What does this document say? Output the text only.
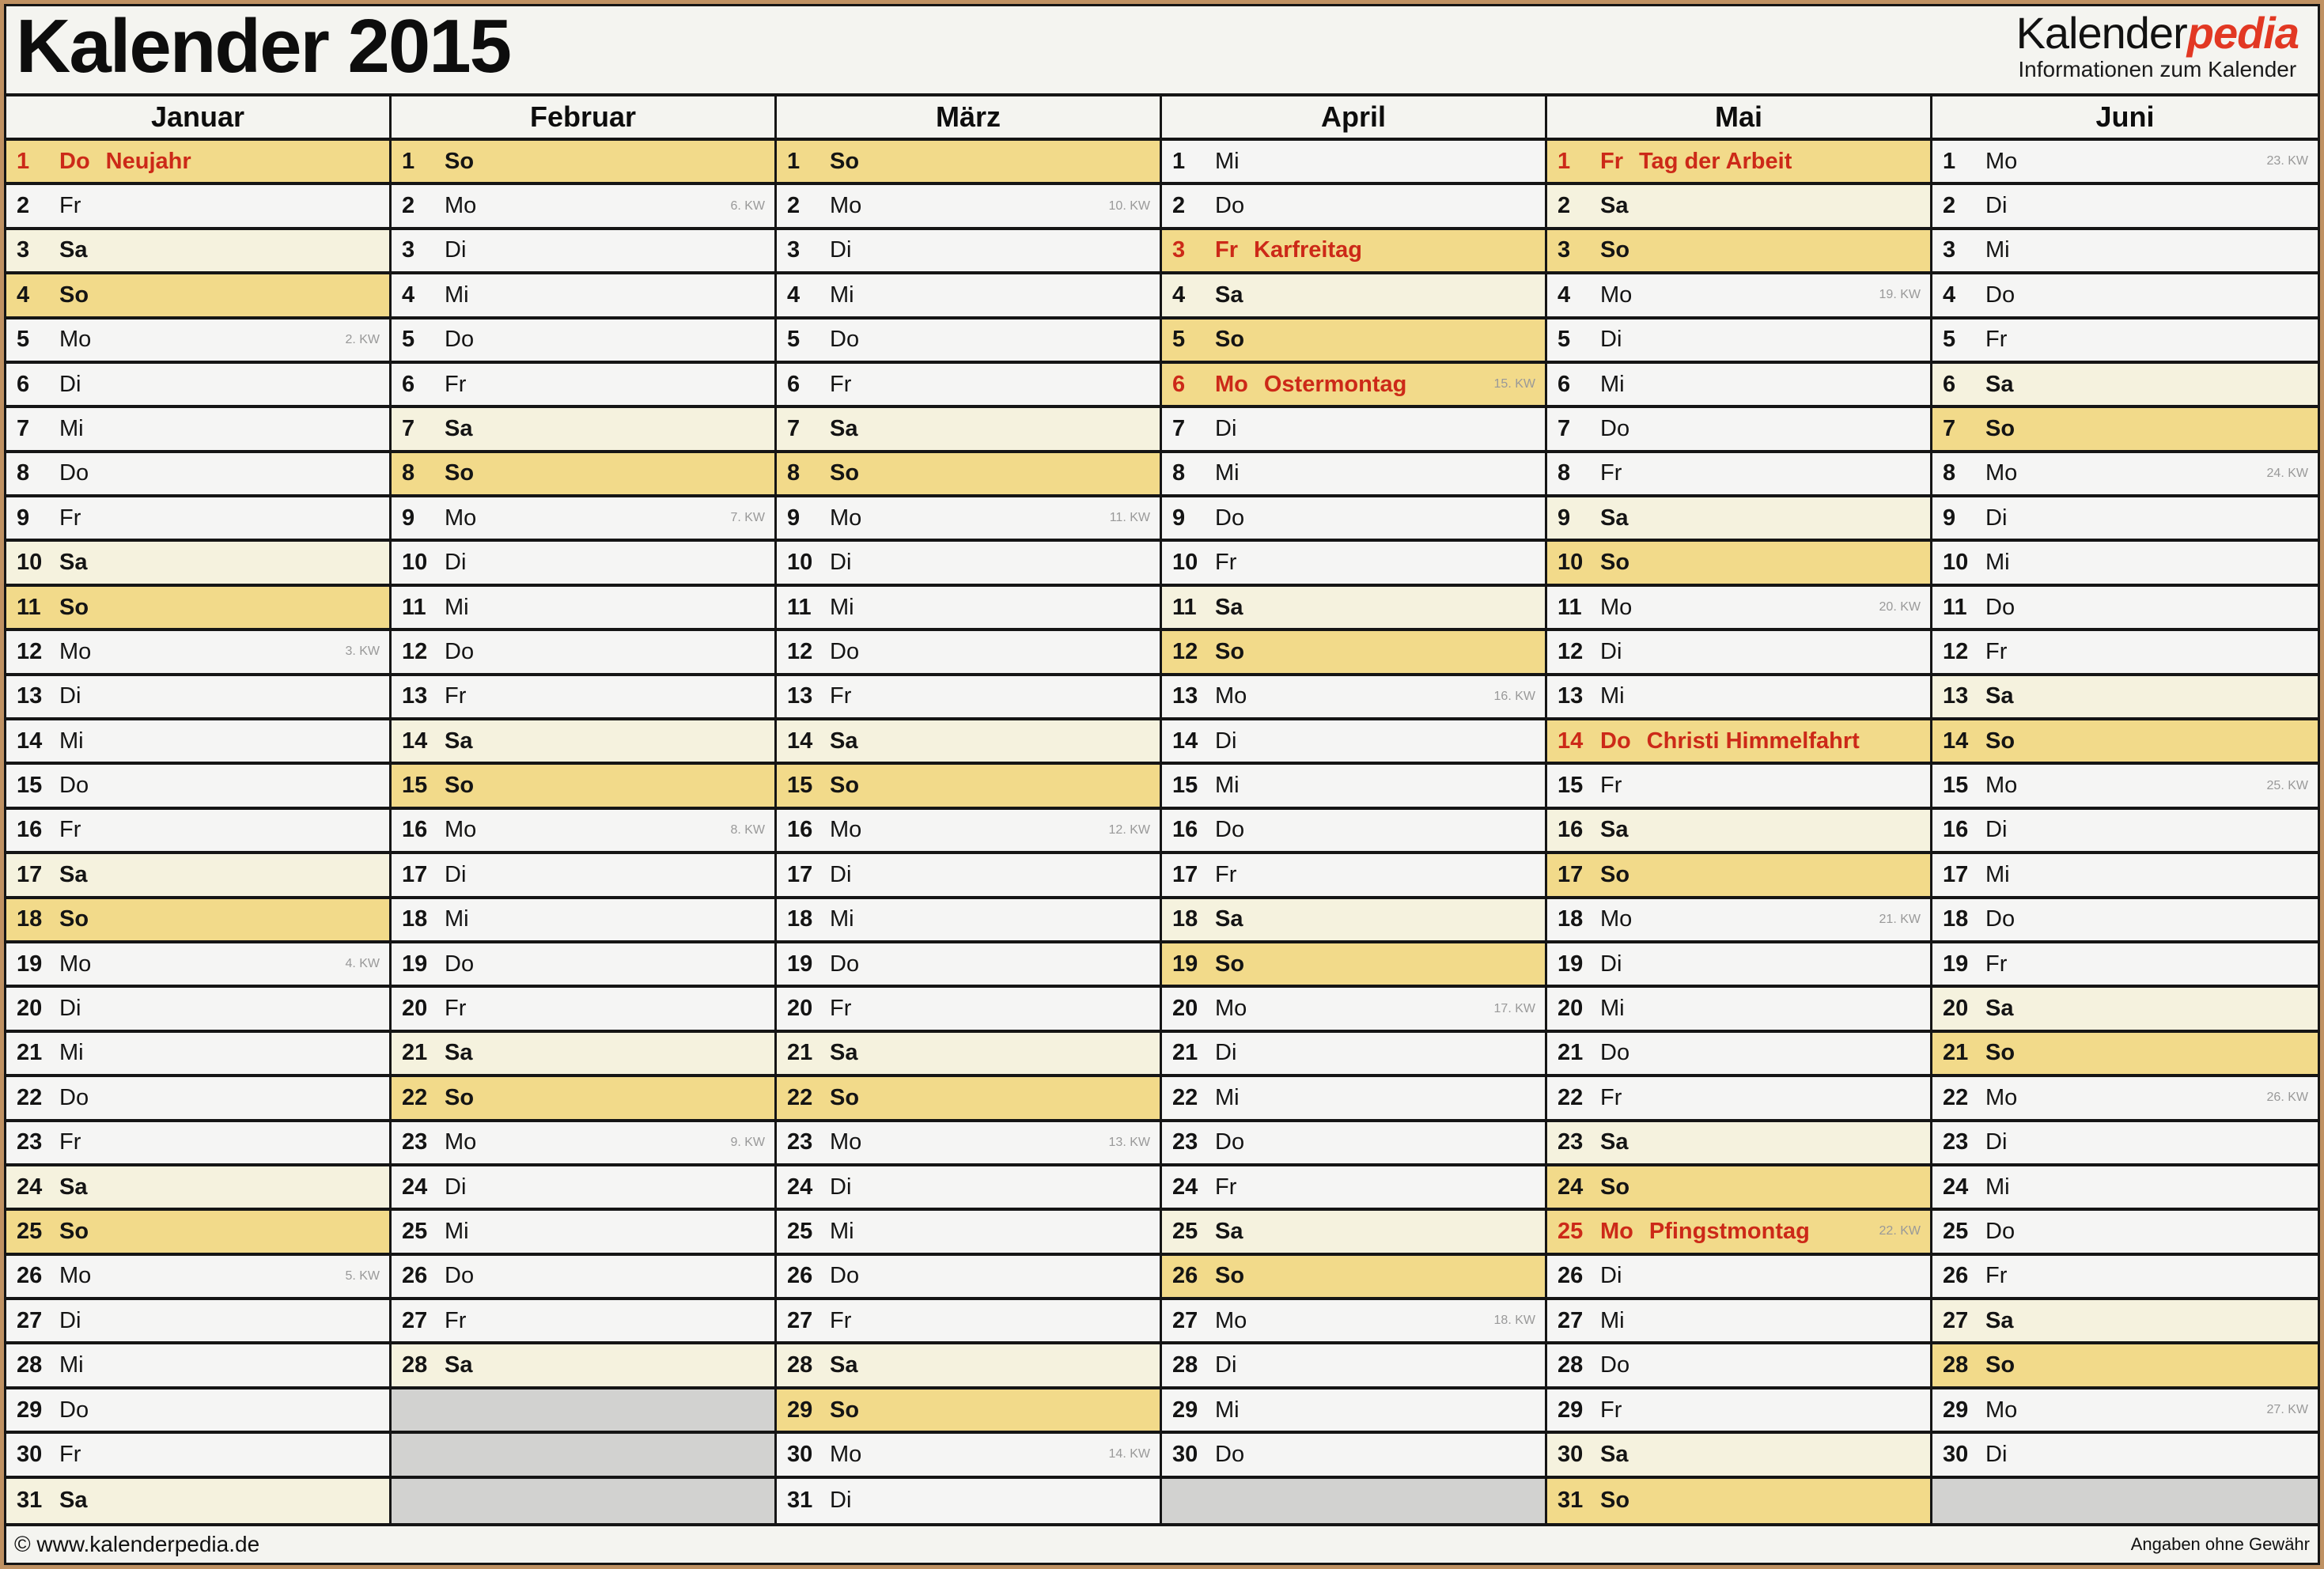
Kalender 2015	Kalenderpedia
Informationen zum Kalender
Januar
1	Do Neujahr
2	Fr
3	Sa
4	So
5	Mo	2. KW
6	Di
7	Mi
8	Do
9	Fr
10 Sa
11 So
12 Mo	3. KW
13 Di
14 Mi
15 Do
16 Fr
17 Sa
18 So
19 Mo	4. KW
20 Di
21 Mi
22 Do
23 Fr
24 Sa
25 So
26 Mo	5. KW
27 Di
28 Mi
29 Do
30 Fr
31 Sa
Februar
1	So
2	Mo	6. KW
3	Di
4	Mi
5	Do
6	Fr
7	Sa
8	So
9	Mo	7. KW
10 Di
11 Mi
12 Do
13 Fr
14 Sa
15 So
16 Mo	8. KW
17 Di
18 Mi
19 Do
20 Fr
21 Sa
22 So
23 Mo	9. KW
24 Di
25 Mi
26 Do
27 Fr
28 Sa
März
1	So
2	Mo	10. KW
3	Di
4	Mi
5	Do
6	Fr
7	Sa
8	So
9	Mo	11. KW
10 Di
11 Mi
12 Do
13 Fr
14 Sa
15 So
16 Mo	12. KW
17 Di
18 Mi
19 Do
20 Fr
21 Sa
22 So
23 Mo	13. KW
24 Di
25 Mi
26 Do
27 Fr
28 Sa
29 So
30 Mo	14. KW
31 Di
April
1	Mi
2	Do
3	Fr Karfreitag
4	Sa
5	So
6	Mo Ostermontag	15. KW
7	Di
8	Mi
9	Do
10 Fr
11 Sa
12 So
13 Mo	16. KW
14 Di
15 Mi
16 Do
17 Fr
18 Sa
19 So
20 Mo	17. KW
21 Di
22 Mi
23 Do
24 Fr
25 Sa
26 So
27 Mo	18. KW
28 Di
29 Mi
30 Do
Mai
1	Fr Tag der Arbeit
2	Sa
3	So
4	Mo	19. KW
5	Di
6	Mi
7	Do
8	Fr
9	Sa
10 So
11 Mo	20. KW
12 Di
13 Mi
14 Do Christi Himmelfahrt
15 Fr
16 Sa
17 So
18 Mo	21. KW
19 Di
20 Mi
21 Do
22 Fr
23 Sa
24 So
25 Mo Pfingstmontag	22. KW
26 Di
27 Mi
28 Do
29 Fr
30 Sa
31 So
Juni
1	Mo	23. KW
2	Di
3	Mi
4	Do
5	Fr
6	Sa
7	So
8	Mo	24. KW
9	Di
10 Mi
11 Do
12 Fr
13 Sa
14 So
15 Mo	25. KW
16 Di
17 Mi
18 Do
19 Fr
20 Sa
21 So
22 Mo	26. KW
23 Di
24 Mi
25 Do
26 Fr
27 Sa
28 So
29 Mo	27. KW
30 Di
© www.kalenderpedia.de	Angaben ohne Gewähr
